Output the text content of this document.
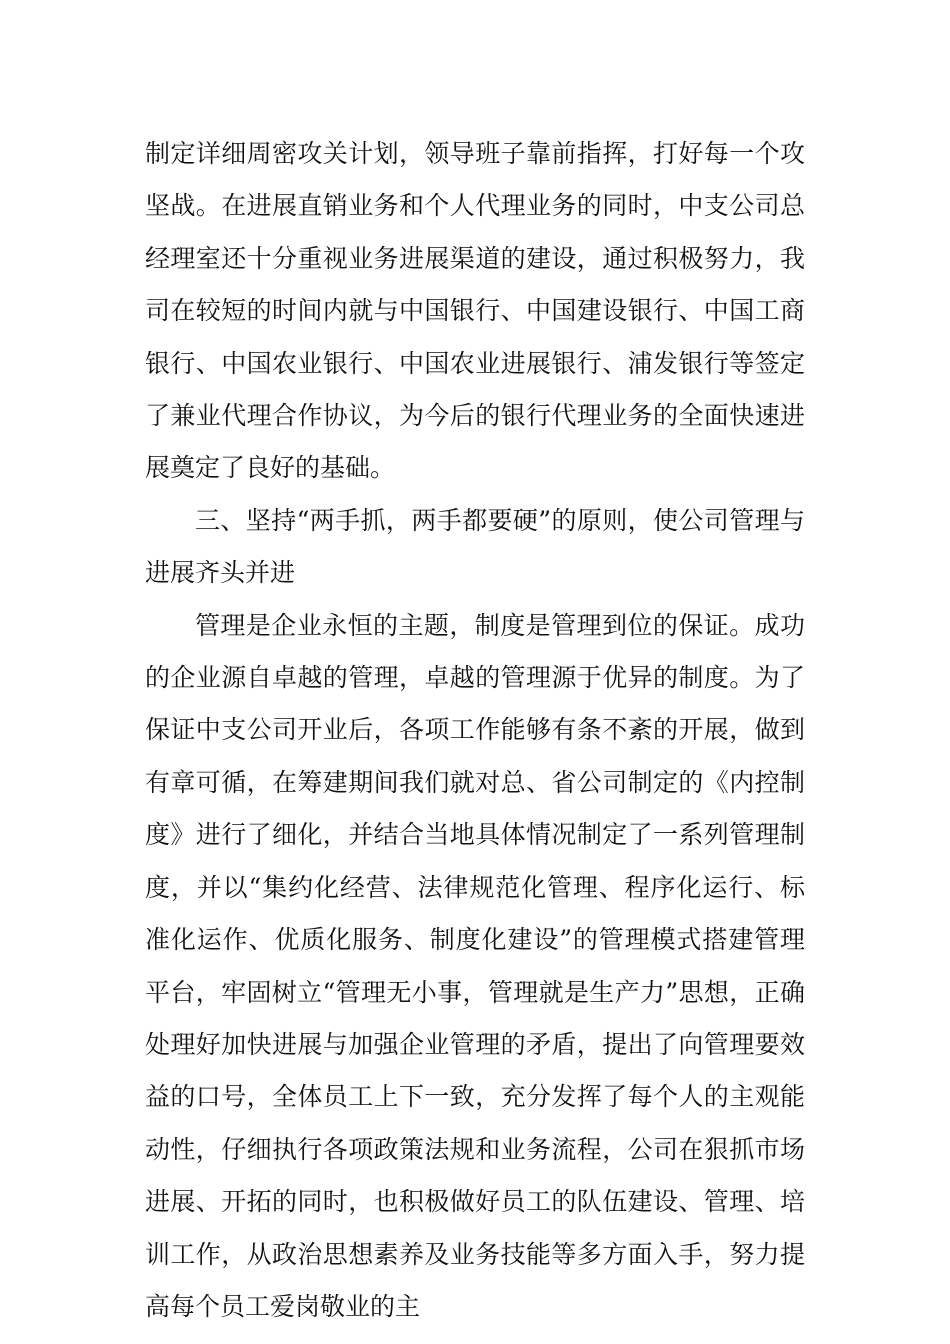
制定详细周密攻关计划，领导班子靠前指挥，打好每一个攻坚战。在进展直销业务和个人代理业务的同时，中支公司总经理室还十分重视业务进展渠道的建设，通过积极努力，我司在较短的时间内就与中国银行、中国建设银行、中国工商银行、中国农业银行、中国农业进展银行、浦发银行等签定了兼业代理合作协议，为今后的银行代理业务的全面快速进展奠定了良好的基础。

三、坚持“两手抓，两手都要硬”的原则，使公司管理与进展齐头并进

管理是企业永恒的主题，制度是管理到位的保证。成功的企业源自卓越的管理，卓越的管理源于优异的制度。为了保证中支公司开业后，各项工作能够有条不紊的开展，做到有章可循，在筹建期间我们就对总、省公司制定的《内控制度》进行了细化，并结合当地具体情况制定了一系列管理制度，并以“集约化经营、法律规范化管理、程序化运行、标准化运作、优质化服务、制度化建设”的管理模式搭建管理平台，牢固树立“管理无小事，管理就是生产力”思想，正确处理好加快进展与加强企业管理的矛盾，提出了向管理要效益的口号，全体员工上下一致，充分发挥了每个人的主观能动性，仔细执行各项政策法规和业务流程，公司在狠抓市场进展、开拓的同时，也积极做好员工的队伍建设、管理、培训工作，从政治思想素养及业务技能等多方面入手，努力提高每个员工爱岗敬业的主
